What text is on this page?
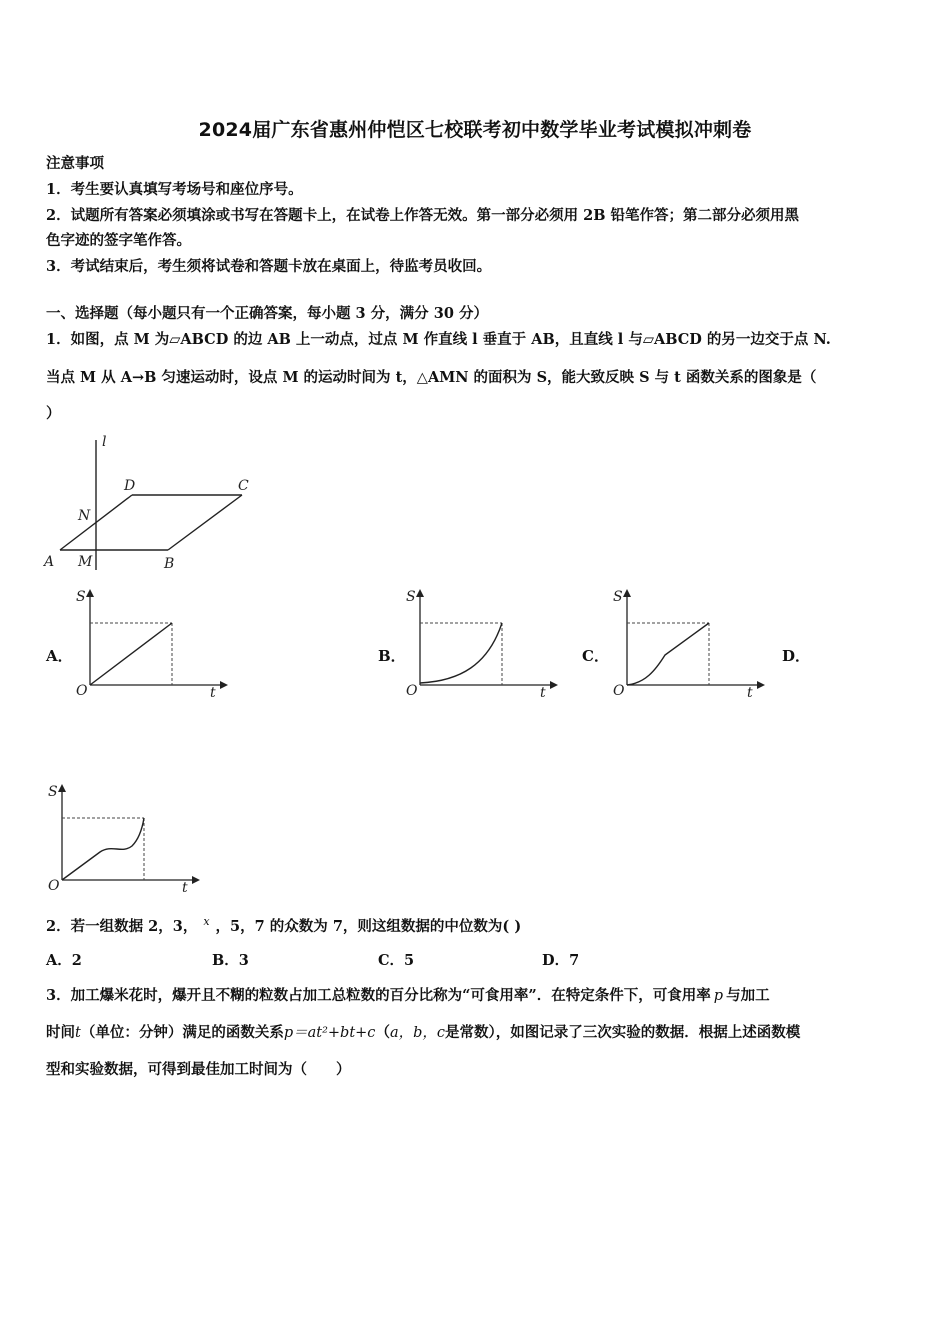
2024届广东省惠州仲恺区七校联考初中数学毕业考试模拟冲刺卷
注意事项
1．考生要认真填写考场号和座位序号。
2．试题所有答案必须填涂或书写在答题卡上，在试卷上作答无效。第一部分必须用 2B 铅笔作答；第二部分必须用黑
色字迹的签字笔作答。
3．考试结束后，考生须将试卷和答题卡放在桌面上，待监考员收回。
一、选择题（每小题只有一个正确答案，每小题 3 分，满分 30 分）
1．如图，点 M 为▱ABCD 的边 AB 上一动点，过点 M 作直线 l 垂直于 AB，且直线 l 与▱ABCD 的另一边交于点 N.
当点 M 从 A→B 匀速运动时，设点 M 的运动时间为 t，△AMN 的面积为 S，能大致反映 S 与 t 函数关系的图象是（
）
l
D	C
N
A M	B
A．
S
O	t
B．
S
O	t
C．
S
O	t
D．
S
O	t
2．若一组数据 2，3， $^x$ ，5，7 的众数为 7，则这组数据的中位数为( )
A．2	B．3	C．5	D．7
3．加工爆米花时，爆开且不糊的粒数占加工总粒数的百分比称为“可食用率”．在特定条件下，可食用率 p 与加工
时间t（单位：分钟）满足的函数关系p＝at²+bt+c（a，b，c是常数），如图记录了三次实验的数据．根据上述函数模
型和实验数据，可得到最佳加工时间为（　　）
